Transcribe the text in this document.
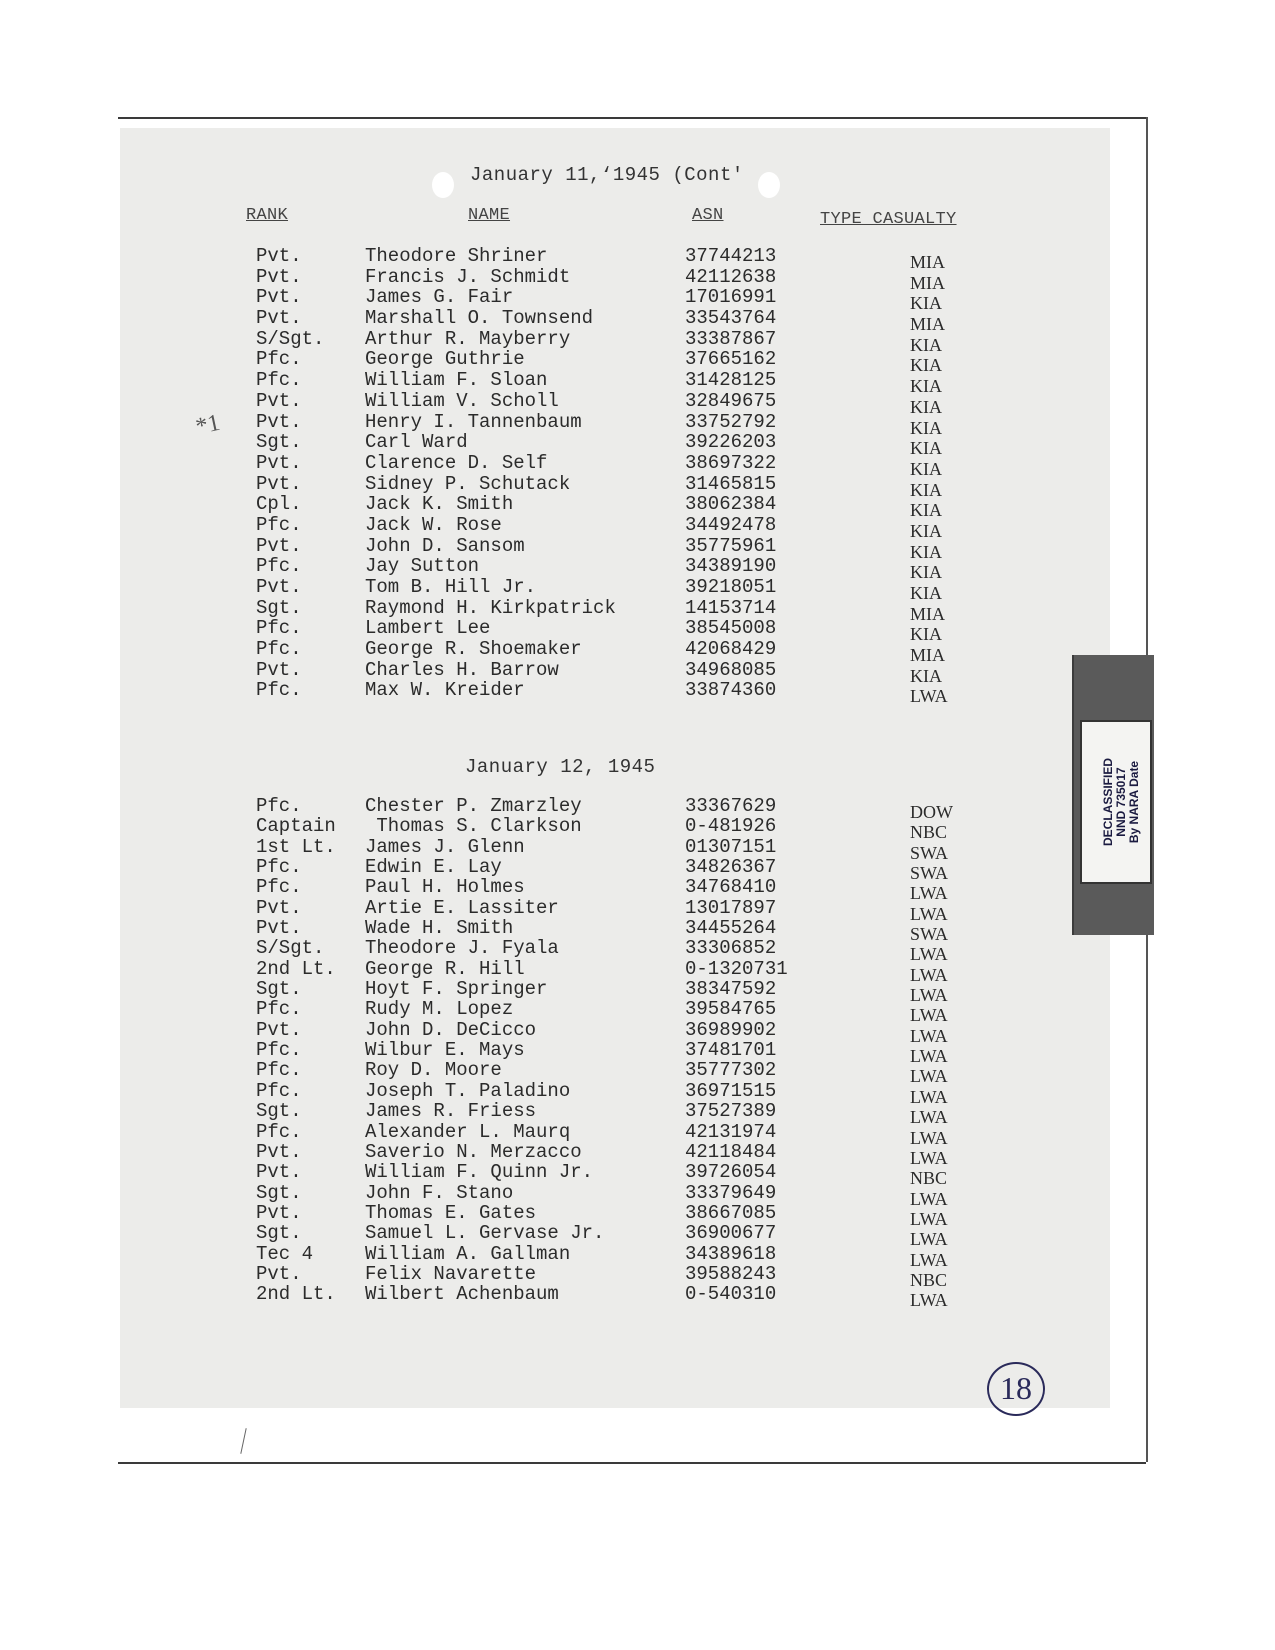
January 11,‘1945 (Cont'
RANK	NAME	ASN	TYPE CASUALTY
Pvt.	Theodore Shriner	37744213	MIA
Pvt.	Francis J. Schmidt	42112638	MIA
Pvt.	James G. Fair	17016991	KIA
Pvt.	Marshall O. Townsend	33543764	MIA
S/Sgt. Arthur R. Mayberry	33387867	KIA
Pfc.	George Guthrie	37665162	KIA
Pfc.	William F. Sloan	31428125	KIA
Pvt.	William V. Scholl	32849675	KIA
Pvt.	Henry I. Tannenbaum	33752792	KIA
Sgt.	Carl Ward	39226203	KIA
Pvt.	Clarence D. Self	38697322	KIA
Pvt.	Sidney P. Schutack	31465815	KIA
Cpl.	Jack K. Smith	38062384	KIA
Pfc.	Jack W. Rose	34492478	KIA
Pvt.	John D. Sansom	35775961	KIA
Pfc.	Jay Sutton	34389190	KIA
Pvt.	Tom B. Hill Jr.	39218051	KIA
Sgt.	Raymond H. Kirkpatrick	14153714	MIA
Pfc.	Lambert Lee	38545008	KIA
Pfc.	George R. Shoemaker	42068429	MIA
Pvt.	Charles H. Barrow	34968085	KIA
Pfc.	Max W. Kreider	33874360	LWA
January 12, 1945
Pfc.	Chester P. Zmarzley	33367629	DOW
Captain Thomas S. Clarkson	0-481926	NBC
1st Lt. James J. Glenn	01307151	SWA
Pfc.	Edwin E. Lay	34826367	SWA
Pfc.	Paul H. Holmes	34768410	LWA
Pvt.	Artie E. Lassiter	13017897	LWA
Pvt.	Wade H. Smith	34455264	SWA
S/Sgt. Theodore J. Fyala	33306852	LWA
2nd Lt. George R. Hill	0-1320731	LWA
Sgt.	Hoyt F. Springer	38347592	LWA
Pfc.	Rudy M. Lopez	39584765	LWA
Pvt.	John D. DeCicco	36989902	LWA
Pfc.	Wilbur E. Mays	37481701	LWA
Pfc.	Roy D. Moore	35777302	LWA
Pfc.	Joseph T. Paladino	36971515	LWA
Sgt.	James R. Friess	37527389	LWA
Pfc.	Alexander L. Maurq	42131974	LWA
Pvt.	Saverio N. Merzacco	42118484	LWA
Pvt.	William F. Quinn Jr.	39726054	NBC
Sgt.	John F. Stano	33379649	LWA
Pvt.	Thomas E. Gates	38667085	LWA
Sgt.	Samuel L. Gervase Jr.	36900677	LWA
Tec 4	William A. Gallman	34389618	LWA
Pvt.	Felix Navarette	39588243	NBC
2nd Lt. Wilbert Achenbaum	0-540310	LWA
*1
DECLASSIFIED NND 735017 By NARA Date
18
